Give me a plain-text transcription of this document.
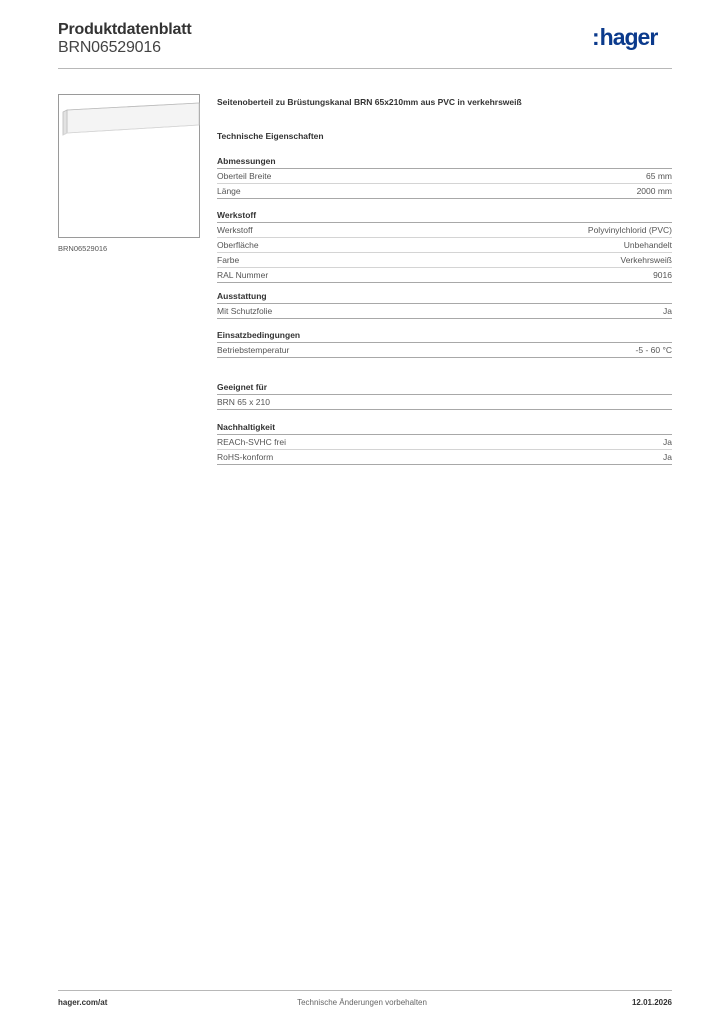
Produktdatenblatt
BRN06529016	:hager
BRN06529016
Seitenoberteil zu Brüstungskanal BRN 65x210mm aus PVC in verkehrsweiß
Technische Eigenschaften
Abmessungen
Oberteil Breite	65 mm
Länge	2000 mm
Werkstoff
Werkstoff	Polyvinylchlorid (PVC)
Oberfläche	Unbehandelt
Farbe	Verkehrsweiß
RAL Nummer	9016
Ausstattung
Mit Schutzfolie	Ja
Einsatzbedingungen
Betriebstemperatur	-5 - 60 °C
Geeignet für
BRN 65 x 210
Nachhaltigkeit
REACh-SVHC frei	Ja
RoHS-konform	Ja
hager.com/at	Technische Änderungen vorbehalten	12.01.2026
